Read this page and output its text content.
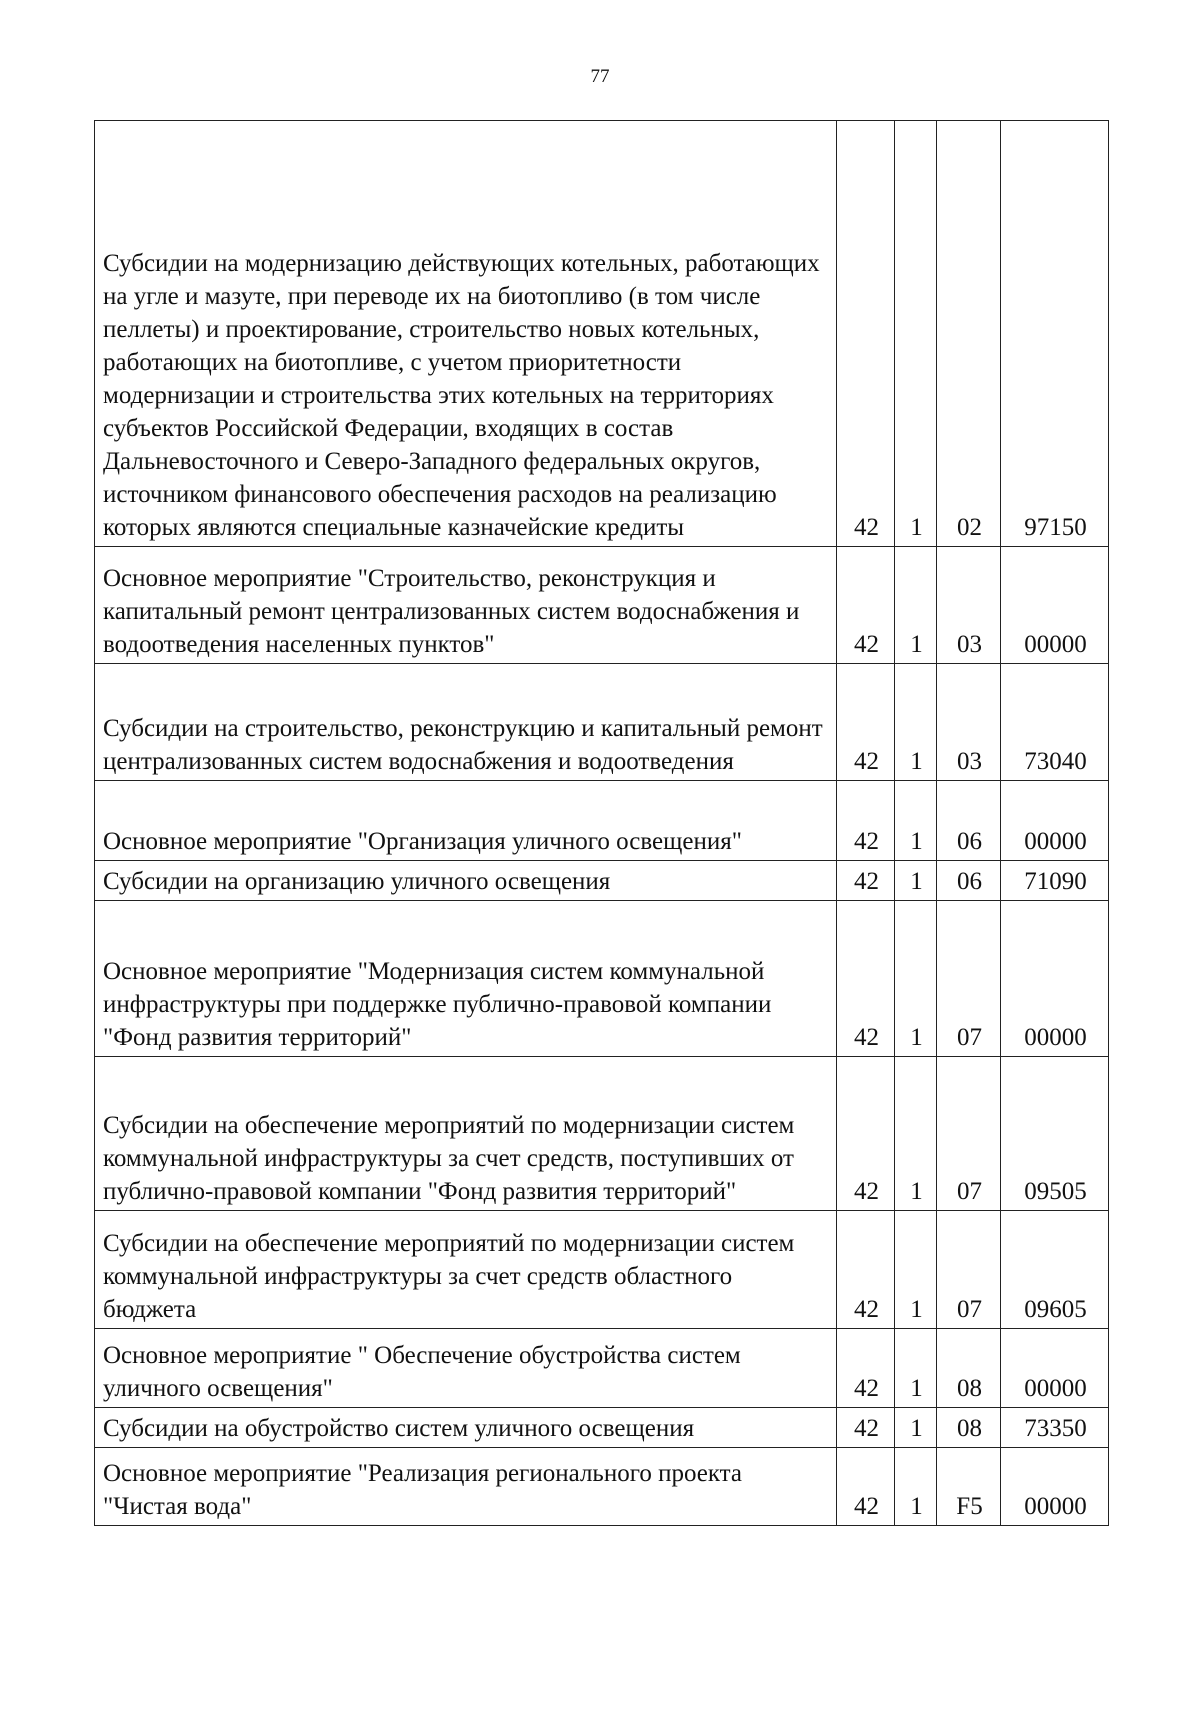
77
Субсидии на модернизацию действующих котельных, работающих на угле и мазуте, при переводе их на биотопливо (в том числе пеллеты) и проектирование, строительство новых котельных, работающих на биотопливе, с учетом приоритетности модернизации и строительства этих котельных на территориях субъектов Российской Федерации, входящих в состав Дальневосточного и Северо-Западного федеральных округов, источником финансового обеспечения расходов на реализацию которых являются специальные казначейские кредиты	42	1	02	97150
Основное мероприятие "Строительство, реконструкция и капитальный ремонт централизованных систем водоснабжения и водоотведения населенных пунктов"	42	1	03	00000
Субсидии на строительство, реконструкцию и капитальный ремонт централизованных систем водоснабжения и водоотведения	42	1	03	73040
Основное мероприятие "Организация уличного освещения"	42	1	06	00000
Субсидии на организацию уличного освещения	42	1	06	71090
Основное мероприятие "Модернизация систем коммунальной инфраструктуры при поддержке публично-правовой компании "Фонд развития территорий"	42	1	07	00000
Субсидии на обеспечение мероприятий по модернизации систем коммунальной инфраструктуры за счет средств, поступивших от публично-правовой компании "Фонд развития территорий"	42	1	07	09505
Субсидии на обеспечение мероприятий по модернизации систем коммунальной инфраструктуры за счет средств областного бюджета	42	1	07	09605
Основное мероприятие " Обеспечение обустройства систем уличного освещения"	42	1	08	00000
Субсидии на обустройство систем уличного освещения	42	1	08	73350
Основное мероприятие "Реализация регионального проекта "Чистая вода"	42	1	F5	00000
